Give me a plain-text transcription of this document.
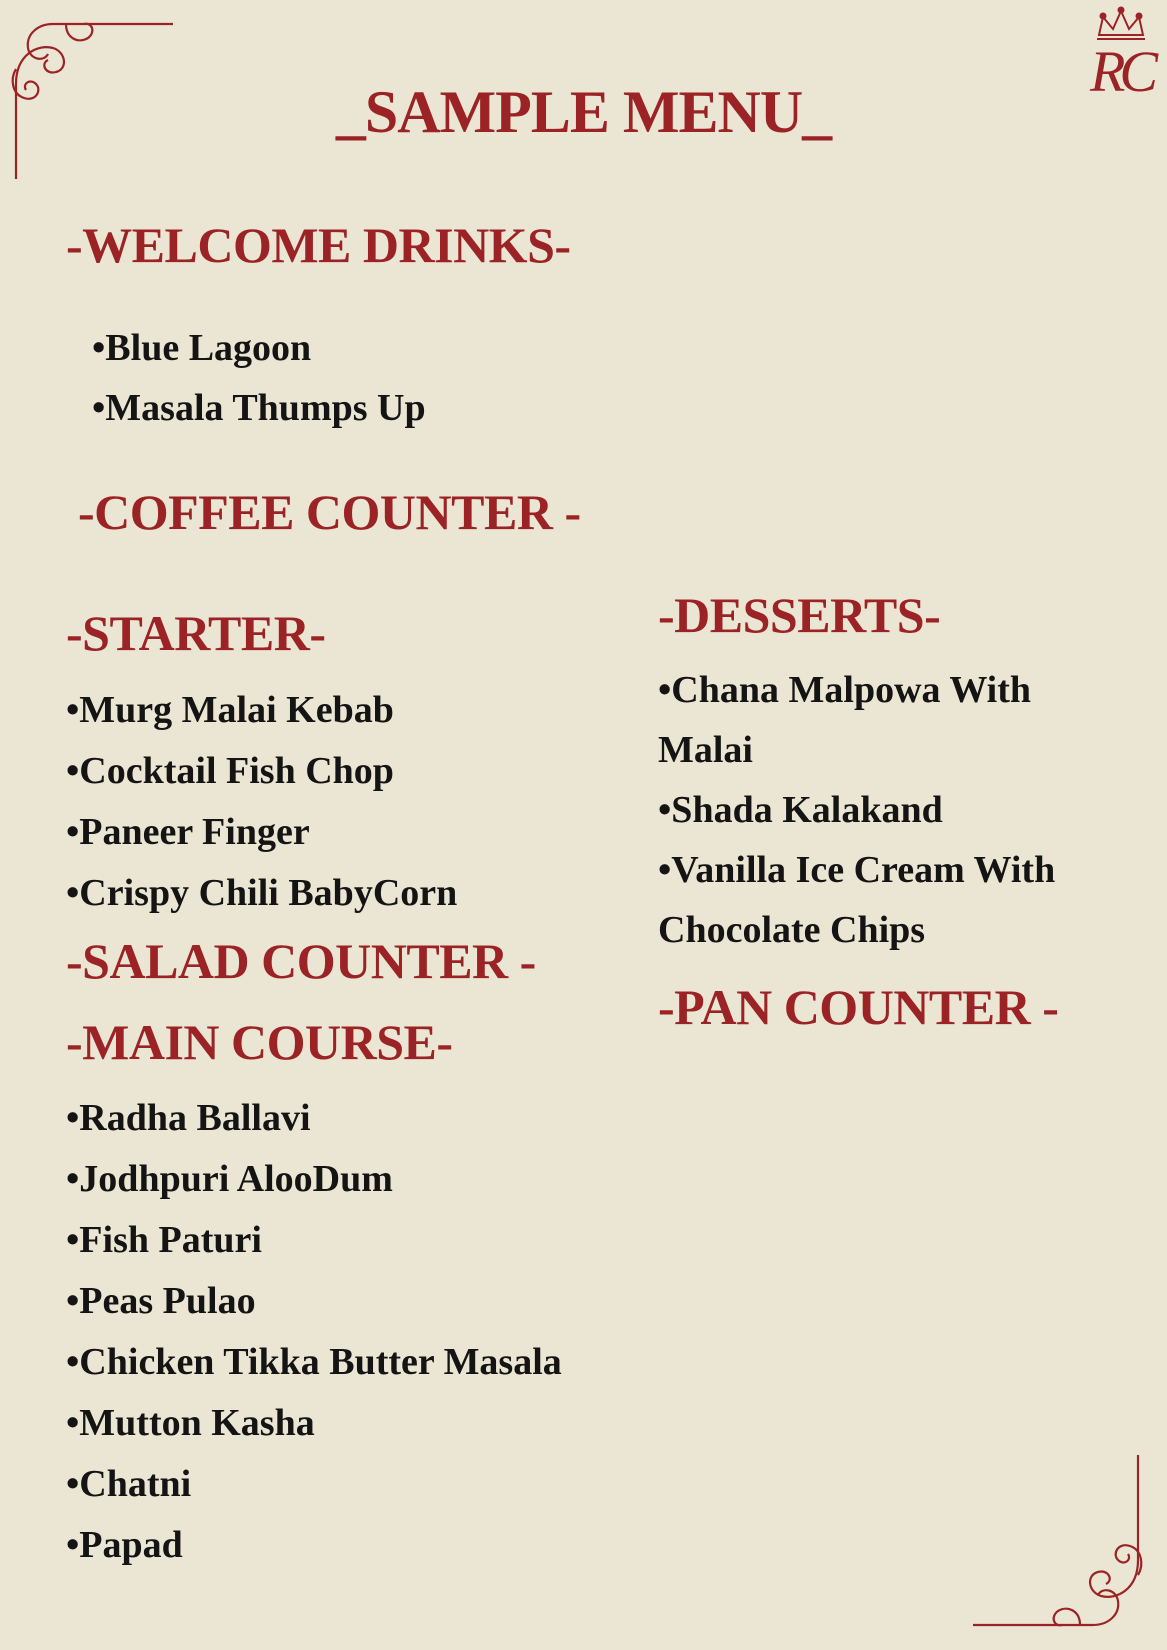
RC
_SAMPLE MENU_
-WELCOME DRINKS-
•Blue Lagoon
•Masala Thumps Up
-COFFEE COUNTER -
-STARTER-
•Murg Malai Kebab
•Cocktail Fish Chop
•Paneer Finger
•Crispy Chili BabyCorn
-SALAD COUNTER -
-MAIN COURSE-
•Radha Ballavi
•Jodhpuri AlooDum
•Fish Paturi
•Peas Pulao
•Chicken Tikka Butter Masala
•Mutton Kasha
•Chatni
•Papad
-DESSERTS-
•Chana Malpowa With Malai
•Shada Kalakand
•Vanilla Ice Cream With Chocolate Chips
-PAN COUNTER -
